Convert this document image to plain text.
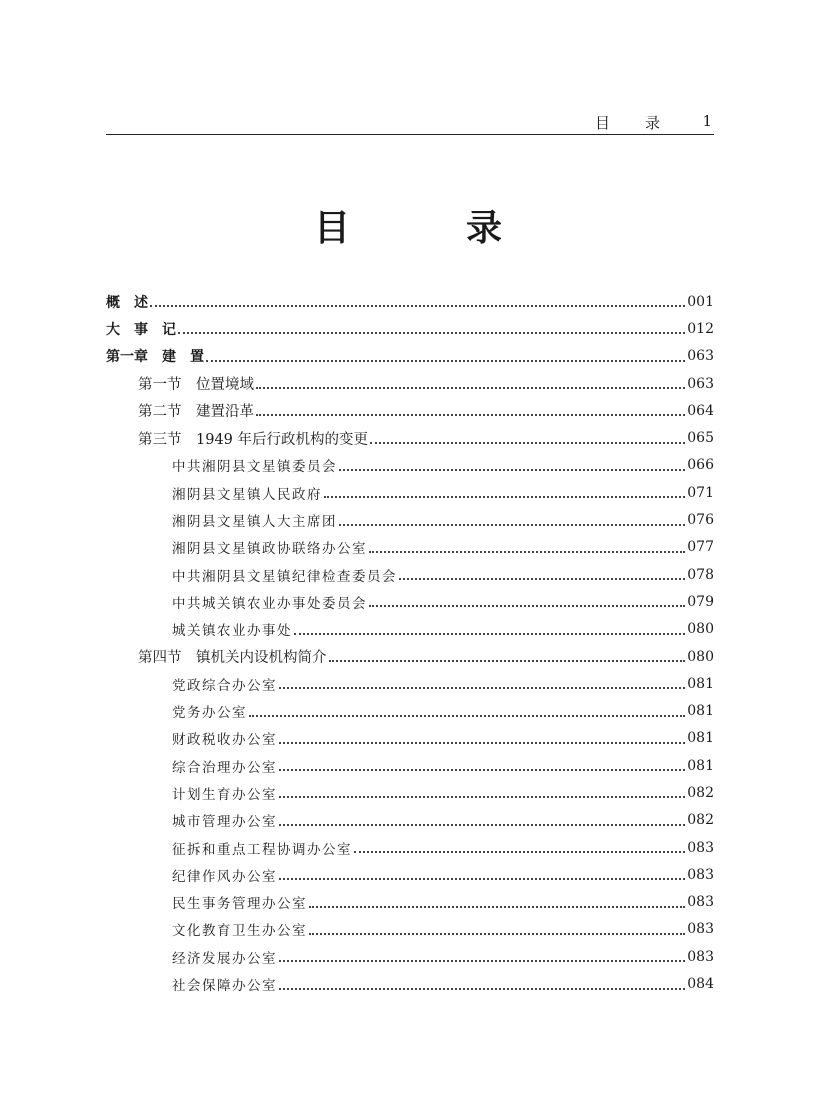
目　录 1
目　录
概　述	001
大　事　记	012
第一章　建　置	063
第一节　位置境域	063
第二节　建置沿革	064
第三节　1949 年后行政机构的变更	065
中共湘阴县文星镇委员会	066
湘阴县文星镇人民政府	071
湘阴县文星镇人大主席团	076
湘阴县文星镇政协联络办公室	077
中共湘阴县文星镇纪律检查委员会	078
中共城关镇农业办事处委员会	079
城关镇农业办事处	080
第四节　镇机关内设机构简介	080
党政综合办公室	081
党务办公室	081
财政税收办公室	081
综合治理办公室	081
计划生育办公室	082
城市管理办公室	082
征拆和重点工程协调办公室	083
纪律作风办公室	083
民生事务管理办公室	083
文化教育卫生办公室	083
经济发展办公室	083
社会保障办公室	084
